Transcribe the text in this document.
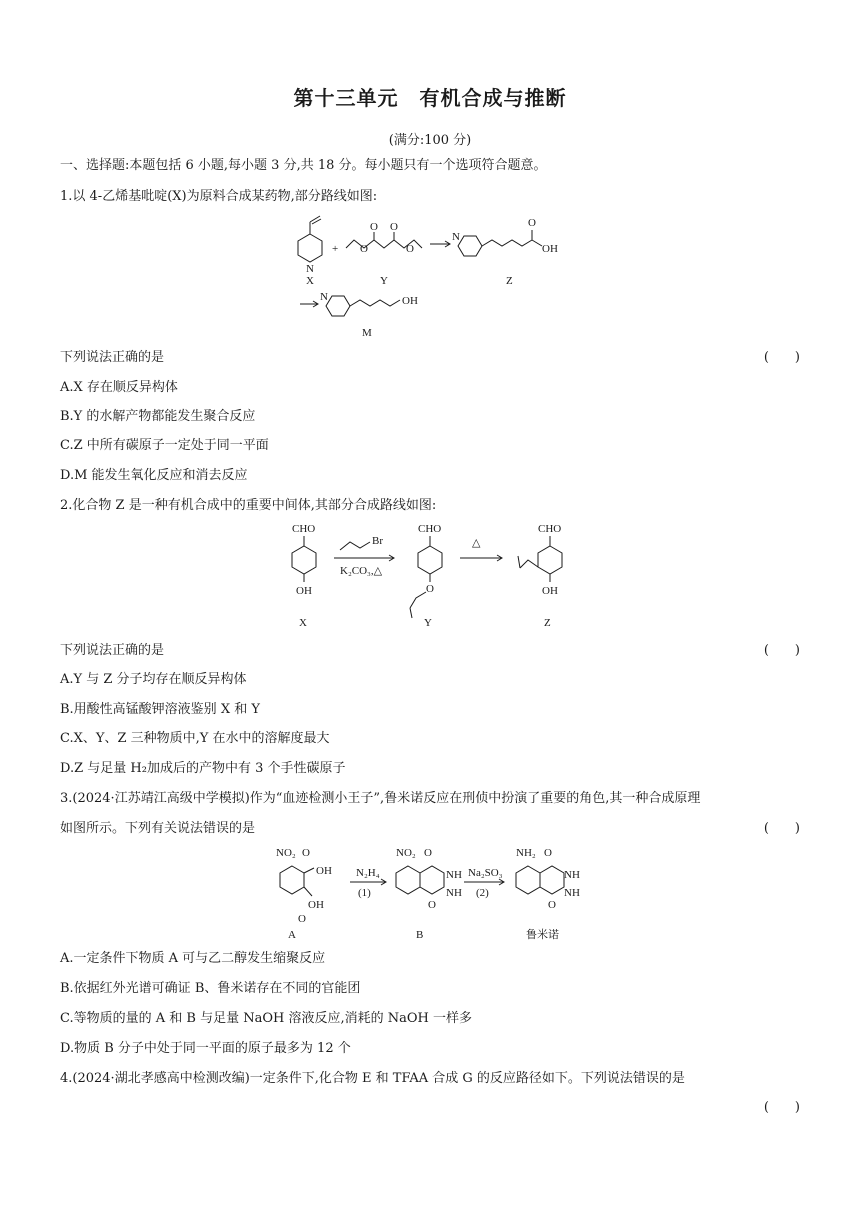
第十三单元　有机合成与推断
(满分:100 分)
一、选择题:本题包括 6 小题,每小题 3 分,共 18 分。每小题只有一个选项符合题意。
1.以 4-乙烯基吡啶(X)为原料合成某药物,部分路线如图:
N
X
+ O
O O
O
Y
N
O
OH
Z
N	OH
M
下列说法正确的是	(　　)
A.X 存在顺反异构体
B.Y 的水解产物都能发生聚合反应
C.Z 中所有碳原子一定处于同一平面
D.M 能发生氧化反应和消去反应
2.化合物 Z 是一种有机合成中的重要中间体,其部分合成路线如图:
CHO
OH
X
Br
K₂CO₃,△
CHO
O
Y
△
CHO
OH
Z
下列说法正确的是	(　　)
A.Y 与 Z 分子均存在顺反异构体
B.用酸性高锰酸钾溶液鉴别 X 和 Y
C.X、Y、Z 三种物质中,Y 在水中的溶解度最大
D.Z 与足量 H₂加成后的产物中有 3 个手性碳原子
3.(2024·江苏靖江高级中学模拟)作为“血迹检测小王子”,鲁米诺反应在刑侦中扮演了重要的角色,其一种合成原理
如图所示。下列有关说法错误的是	(　　)
NO₂ O
OH
OH
O
A
N₂H₄
(1)
NO₂ O
NH
NH
O
B
Na₂SO₃
(2)
NH₂ O
NH
NH
O
鲁米诺
A.一定条件下物质 A 可与乙二醇发生缩聚反应
B.依据红外光谱可确证 B、鲁米诺存在不同的官能团
C.等物质的量的 A 和 B 与足量 NaOH 溶液反应,消耗的 NaOH 一样多
D.物质 B 分子中处于同一平面的原子最多为 12 个
4.(2024·湖北孝感高中检测改编)一定条件下,化合物 E 和 TFAA 合成 G 的反应路径如下。下列说法错误的是
(　　)
